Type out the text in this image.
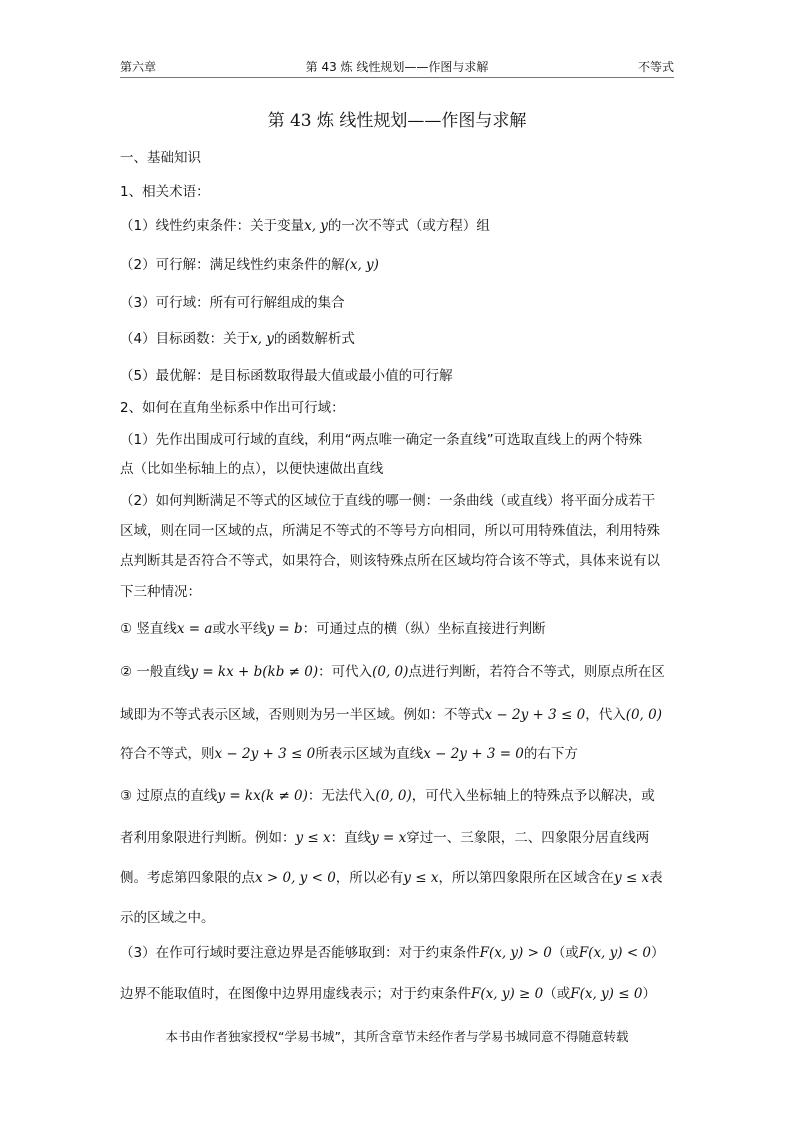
第六章	第 43 炼 线性规划——作图与求解	不等式
第 43 炼 线性规划——作图与求解
一、基础知识
1、相关术语：
（1）线性约束条件：关于变量x, y的一次不等式（或方程）组
（2）可行解：满足线性约束条件的解(x, y)
（3）可行域：所有可行解组成的集合
（4）目标函数：关于x, y的函数解析式
（5）最优解：是目标函数取得最大值或最小值的可行解
2、如何在直角坐标系中作出可行域：
（1）先作出围成可行域的直线，利用“两点唯一确定一条直线”可选取直线上的两个特殊
点（比如坐标轴上的点），以便快速做出直线
（2）如何判断满足不等式的区域位于直线的哪一侧：一条曲线（或直线）将平面分成若干
区域，则在同一区域的点，所满足不等式的不等号方向相同，所以可用特殊值法，利用特殊
点判断其是否符合不等式，如果符合，则该特殊点所在区域均符合该不等式，具体来说有以
下三种情况：
① 竖直线x = a或水平线y = b：可通过点的横（纵）坐标直接进行判断
② 一般直线y = kx + b(kb ≠ 0)：可代入(0, 0)点进行判断，若符合不等式，则原点所在区
域即为不等式表示区域，否则则为另一半区域。例如：不等式x − 2y + 3 ≤ 0，代入(0, 0)
符合不等式，则x − 2y + 3 ≤ 0所表示区域为直线x − 2y + 3 = 0的右下方
③ 过原点的直线y = kx(k ≠ 0)：无法代入(0, 0)，可代入坐标轴上的特殊点予以解决，或
者利用象限进行判断。例如：y ≤ x：直线y = x穿过一、三象限，二、四象限分居直线两
侧。考虑第四象限的点x > 0, y < 0，所以必有y ≤ x，所以第四象限所在区域含在y ≤ x表
示的区域之中。
（3）在作可行域时要注意边界是否能够取到：对于约束条件F(x, y) > 0（或F(x, y) < 0）
边界不能取值时，在图像中边界用虚线表示；对于约束条件F(x, y) ≥ 0（或F(x, y) ≤ 0）
本书由作者独家授权“学易书城”，其所含章节未经作者与学易书城同意不得随意转载
